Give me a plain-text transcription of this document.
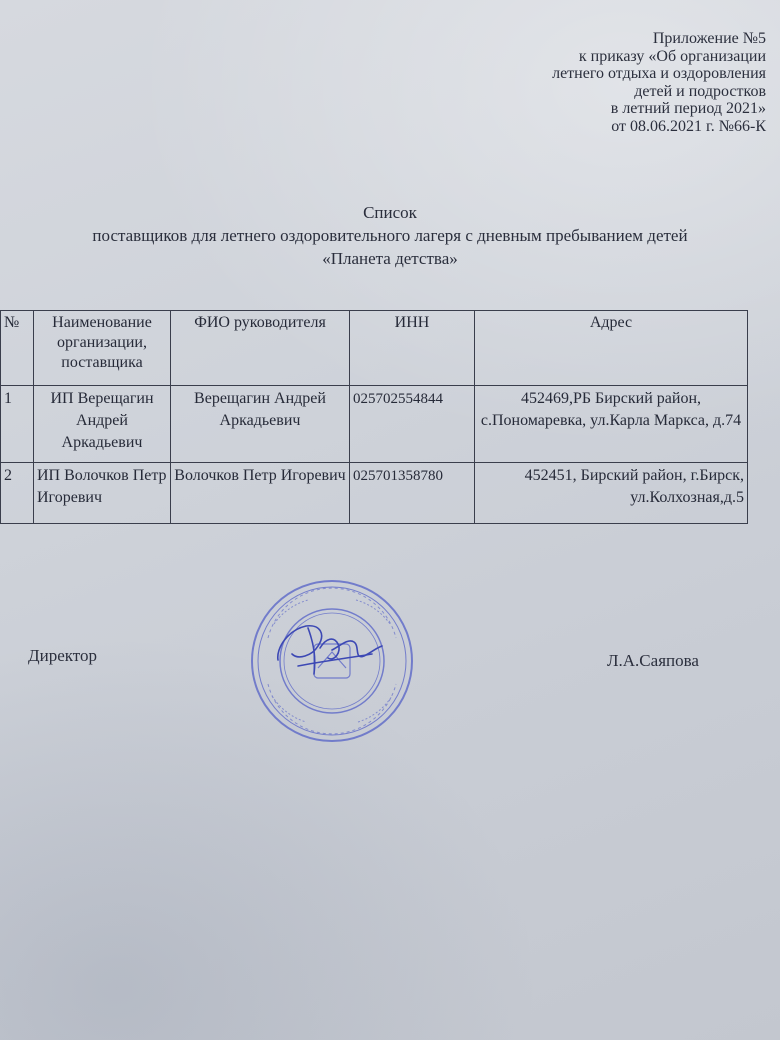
Приложение №5
к приказу «Об организации
летнего отдыха и оздоровления
детей и подростков
в летний период 2021»
от 08.06.2021 г. №66-К
Список
поставщиков для летнего оздоровительного лагеря с дневным пребыванием детей
«Планета детства»
№	Наименование организации, поставщика	ФИО руководителя	ИНН	Адрес
1	ИП Верещагин Андрей Аркадьевич	Верещагин Андрей Аркадьевич	025702554844	452469,РБ Бирский район, с.Пономаревка, ул.Карла Маркса, д.74
2	ИП Волочков Петр Игоревич	Волочков Петр Игоревич	025701358780	452451, Бирский район, г.Бирск, ул.Колхозная,д.5
Директор	Л.А.Саяпова
